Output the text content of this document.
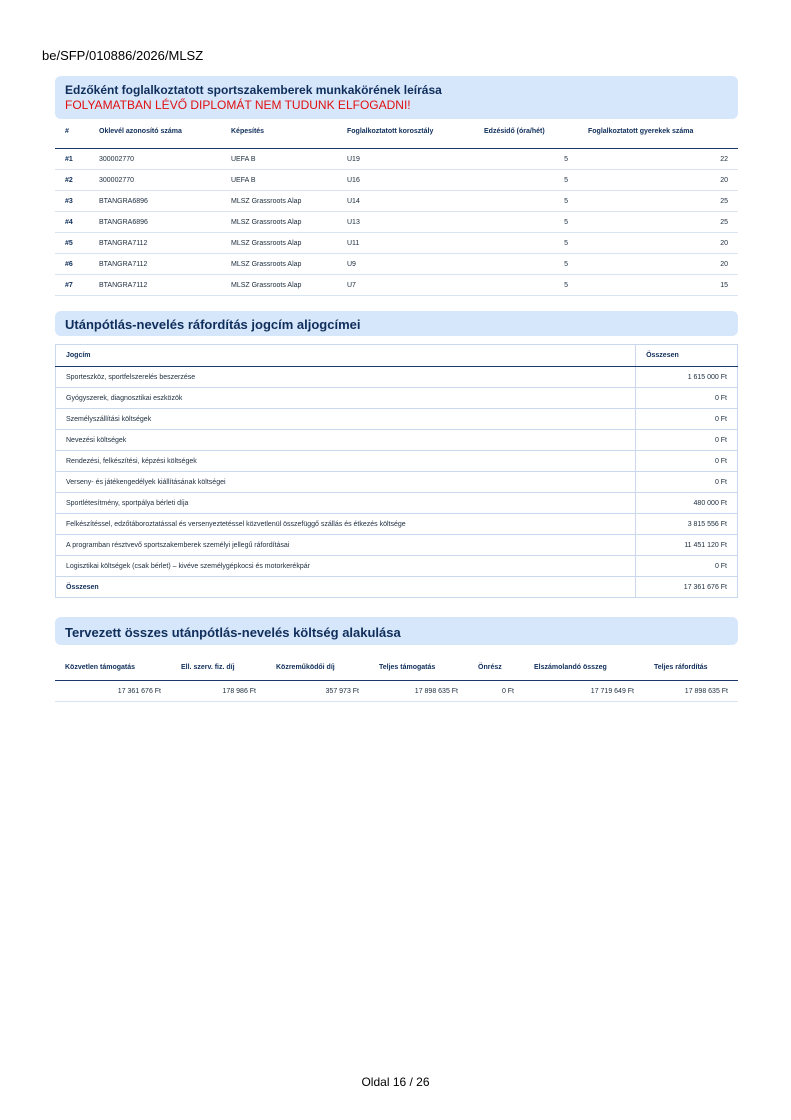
be/SFP/010886/2026/MLSZ
Edzőként foglalkoztatott sportszakemberek munkakörének leírása
FOLYAMATBAN LÉVŐ DIPLOMÁT NEM TUDUNK ELFOGADNI!
#	Oklevél azonosító száma	Képesítés	Foglalkoztatott korosztály	Edzésidő (óra/hét)	Foglalkoztatott gyerekek száma
#1	300002770	UEFA B	U19	5	22
#2	300002770	UEFA B	U16	5	20
#3	BTANGRA6896	MLSZ Grassroots Alap	U14	5	25
#4	BTANGRA6896	MLSZ Grassroots Alap	U13	5	25
#5	BTANGRA7112	MLSZ Grassroots Alap	U11	5	20
#6	BTANGRA7112	MLSZ Grassroots Alap	U9	5	20
#7	BTANGRA7112	MLSZ Grassroots Alap	U7	5	15
Utánpótlás-nevelés ráfordítás jogcím aljogcímei
Jogcím	Összesen
Sporteszköz, sportfelszerelés beszerzése	1 615 000 Ft
Gyógyszerek, diagnosztikai eszközök	0 Ft
Személyszállítási költségek	0 Ft
Nevezési költségek	0 Ft
Rendezési, felkészítési, képzési költségek	0 Ft
Verseny- és játékengedélyek kiállításának költségei	0 Ft
Sportlétesítmény, sportpálya bérleti díja	480 000 Ft
Felkészítéssel, edzőtáboroztatással és versenyeztetéssel közvetlenül összefüggő szállás és étkezés költsége	3 815 556 Ft
A programban résztvevő sportszakemberek személyi jellegű ráfordításai	11 451 120 Ft
Logisztikai költségek (csak bérlet) – kivéve személygépkocsi és motorkerékpár	0 Ft
Összesen	17 361 676 Ft
Tervezett összes utánpótlás-nevelés költség alakulása
Közvetlen támogatás	Ell. szerv. fiz. díj	Közreműködői díj	Teljes támogatás	Önrész	Elszámolandó összeg	Teljes ráfordítás
17 361 676 Ft	178 986 Ft	357 973 Ft	17 898 635 Ft	0 Ft	17 719 649 Ft	17 898 635 Ft
Oldal 16 / 26
